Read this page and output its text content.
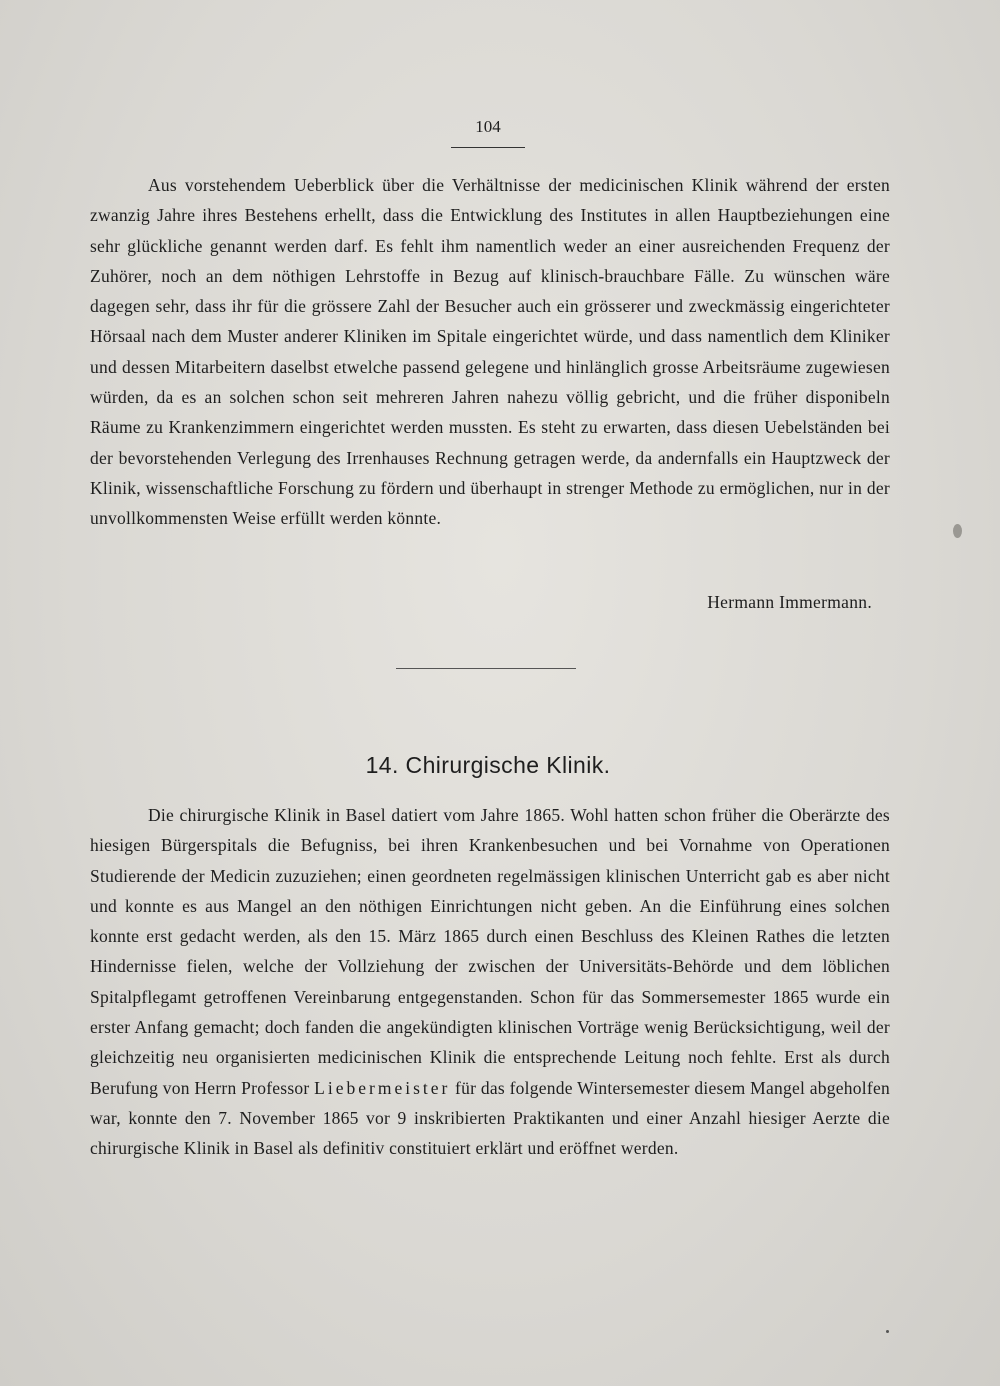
104

Aus vorstehendem Ueberblick über die Verhältnisse der medicinischen Klinik während der ersten zwanzig Jahre ihres Bestehens erhellt, dass die Entwicklung des Institutes in allen Hauptbeziehungen eine sehr glückliche genannt werden darf. Es fehlt ihm namentlich weder an einer ausreichenden Frequenz der Zuhörer, noch an dem nöthigen Lehrstoffe in Bezug auf klinisch-brauchbare Fälle. Zu wünschen wäre dagegen sehr, dass ihr für die grössere Zahl der Besucher auch ein grösserer und zweckmässig eingerichteter Hörsaal nach dem Muster anderer Kliniken im Spitale eingerichtet würde, und dass namentlich dem Kliniker und dessen Mitarbeitern daselbst etwelche passend gelegene und hinlänglich grosse Arbeitsräume zugewiesen würden, da es an solchen schon seit mehreren Jahren nahezu völlig gebricht, und die früher disponibeln Räume zu Krankenzimmern eingerichtet werden mussten. Es steht zu erwarten, dass diesen Uebelständen bei der bevorstehenden Verlegung des Irrenhauses Rechnung getragen werde, da andernfalls ein Hauptzweck der Klinik, wissenschaftliche Forschung zu fördern und überhaupt in strenger Methode zu ermöglichen, nur in der unvollkommensten Weise erfüllt werden könnte.

Hermann Immermann.
14. Chirurgische Klinik.

Die chirurgische Klinik in Basel datiert vom Jahre 1865. Wohl hatten schon früher die Oberärzte des hiesigen Bürgerspitals die Befugniss, bei ihren Krankenbesuchen und bei Vornahme von Operationen Studierende der Medicin zuzuziehen; einen geordneten regelmässigen klinischen Unterricht gab es aber nicht und konnte es aus Mangel an den nöthigen Einrichtungen nicht geben. An die Einführung eines solchen konnte erst gedacht werden, als den 15. März 1865 durch einen Beschluss des Kleinen Rathes die letzten Hindernisse fielen, welche der Vollziehung der zwischen der Universitäts-Behörde und dem löblichen Spitalpflegamt getroffenen Vereinbarung entgegenstanden. Schon für das Sommersemester 1865 wurde ein erster Anfang gemacht; doch fanden die angekündigten klinischen Vorträge wenig Berücksichtigung, weil der gleichzeitig neu organisierten medicinischen Klinik die entsprechende Leitung noch fehlte. Erst als durch Berufung von Herrn Professor Liebermeister für das folgende Wintersemester diesem Mangel abgeholfen war, konnte den 7. November 1865 vor 9 inskribierten Praktikanten und einer Anzahl hiesiger Aerzte die chirurgische Klinik in Basel als definitiv constituiert erklärt und eröffnet werden.
